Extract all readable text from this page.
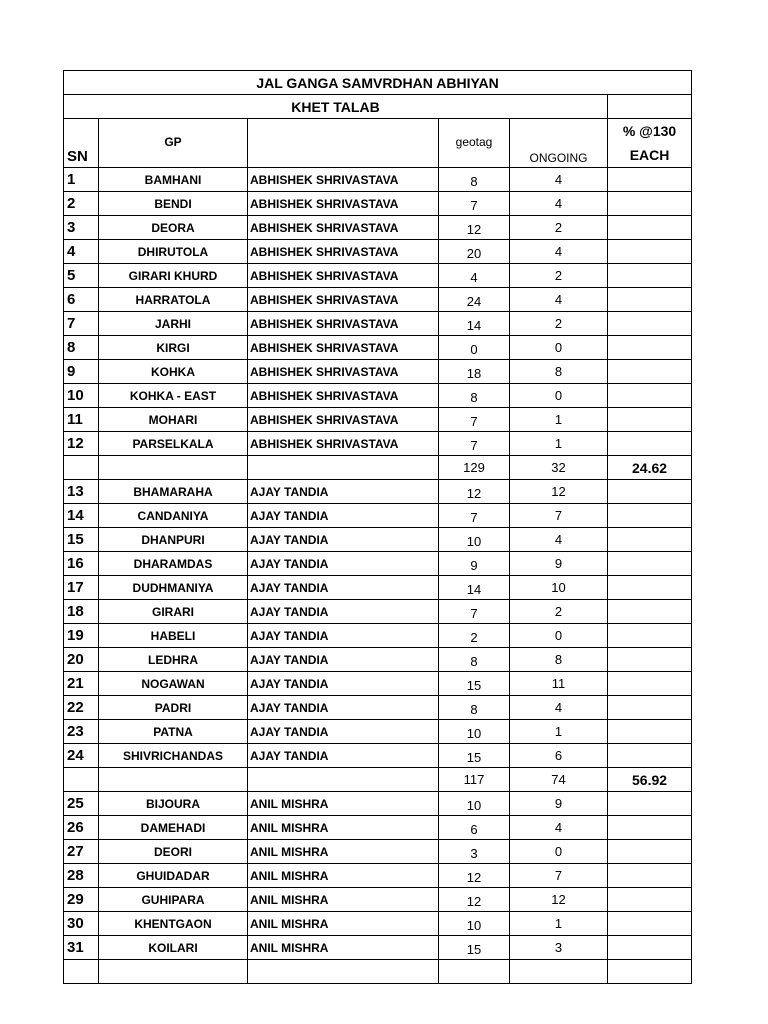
JAL GANGA SAMVRDHAN ABHIYAN					
KHET TALAB					
SN	GP		geotag	ONGOING	% @130
EACH

1	BAMHANI	ABHISHEK SHRIVASTAVA	8	4	
2	BENDI	ABHISHEK SHRIVASTAVA	7	4	
3	DEORA	ABHISHEK SHRIVASTAVA	12	2	
4	DHIRUTOLA	ABHISHEK SHRIVASTAVA	20	4	
5	GIRARI KHURD	ABHISHEK SHRIVASTAVA	4	2	
6	HARRATOLA	ABHISHEK SHRIVASTAVA	24	4	
7	JARHI	ABHISHEK SHRIVASTAVA	14	2	
8	KIRGI	ABHISHEK SHRIVASTAVA	0	0	
9	KOHKA	ABHISHEK SHRIVASTAVA	18	8	
10	KOHKA - EAST	ABHISHEK SHRIVASTAVA	8	0	
11	MOHARI	ABHISHEK SHRIVASTAVA	7	1	
12	PARSELKALA	ABHISHEK SHRIVASTAVA	7	1	
			129	32	24.62
13	BHAMARAHA	AJAY TANDIA	12	12	
14	CANDANIYA	AJAY TANDIA	7	7	
15	DHANPURI	AJAY TANDIA	10	4	
16	DHARAMDAS	AJAY TANDIA	9	9	
17	DUDHMANIYA	AJAY TANDIA	14	10	
18	GIRARI	AJAY TANDIA	7	2	
19	HABELI	AJAY TANDIA	2	0	
20	LEDHRA	AJAY TANDIA	8	8	
21	NOGAWAN	AJAY TANDIA	15	11	
22	PADRI	AJAY TANDIA	8	4	
23	PATNA	AJAY TANDIA	10	1	
24	SHIVRICHANDAS	AJAY TANDIA	15	6	
			117	74	56.92
25	BIJOURA	ANIL MISHRA	10	9	
26	DAMEHADI	ANIL MISHRA	6	4	
27	DEORI	ANIL MISHRA	3	0	
28	GHUIDADAR	ANIL MISHRA	12	7	
29	GUHIPARA	ANIL MISHRA	12	12	
30	KHENTGAON	ANIL MISHRA	10	1	
31	KOILARI	ANIL MISHRA	15	3	
